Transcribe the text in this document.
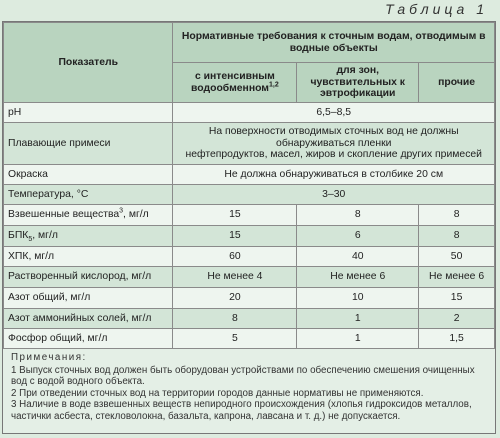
Таблица 1
Показатель	Нормативные требования к сточным водам, отводимым в водные объекты		
	с интенсивным водообменном$^{1,2}$	для зон, чувствительных к эвтрофикации	прочие
pH	6,5–8,5		
Плавающие примеси	На поверхности отводимых сточных вод не должны обнаруживаться пленки
нефтепродуктов, масел, жиров и скопление других примесей		

Окраска	Не должна обнаруживаться в столбике 20 см		
Температура, °C	3–30		
Взвешенные вещества$^3$, мг/л	15	8	8
$БПК_5$, мг/л	15	6	8
ХПК, мг/л	60	40	50
Растворенный кислород, мг/л	Не менее 4	Не менее 6	Не менее 6
Азот общий, мг/л	20	10	15
Азот аммонийных солей, мг/л	8	1	2
Фосфор общий, мг/л	5	1	1,5

Примечания:

1 Выпуск сточных вод должен быть оборудован устройствами по обеспечению смешения очищенных вод с водой водного объекта.

2 При отведении сточных вод на территории городов данные нормативы не применяются.

3 Наличие в воде взвешенных веществ непиродного происхождения (хлопья гидроксидов металлов, частички асбеста, стекловолокна, базальта, капрона, лавсана и т. д.) не допускается.
